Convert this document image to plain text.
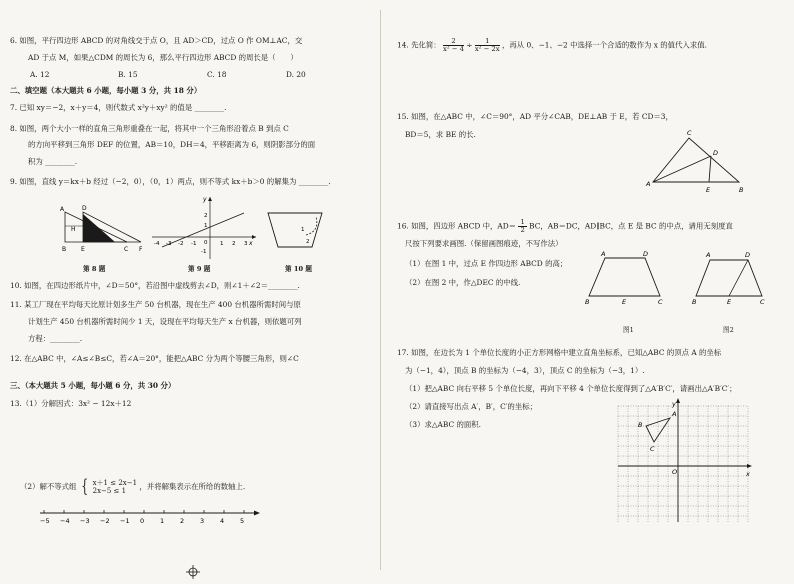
6. 如图，平行四边形 ABCD 的对角线交于点 O，且 AD＞CD，过点 O 作 OM⊥AC，交
AD 于点 M，如果△CDM 的周长为 6，那么平行四边形 ABCD 的周长是（　　）
A. 12	B. 15	C. 18	D. 20
二、填空题（本大题共 6 小题，每小题 3 分，共 18 分）
7. 已知 xy＝−2，x＋y＝4，则代数式 x²y＋xy² 的值是 ________.
8. 如图，两个大小一样的直角三角形重叠在一起，将其中一个三角形沿着点 B 到点 C
的方向平移到三角形 DEF 的位置，AB＝10，DH＝4，平移距离为 6，则阴影部分的面
积为 ________.
9. 如图，直线 y＝kx＋b 经过（−2，0），（0，1）两点，则不等式 kx＋b＞0 的解集为 ________.
A	D
H
B E	C F
第 8 题
x
y
0
-4 -3 -2 -1	1 2 3
-1
1
2
第 9 题
1
2
第 10 题
10. 如图，在四边形纸片中，∠D＝50°，若沿图中虚线剪去∠D，则∠1＋∠2＝________.
11. 某工厂现在平均每天比原计划多生产 50 台机器，现在生产 400 台机器所需时间与原
计划生产 450 台机器所需时间少 1 天，设现在平均每天生产 x 台机器，则依题可列
方程：________.
12. 在△ABC 中，∠A≤∠B≤C，若∠A＝20°，能把△ABC 分为两个等腰三角形，则∠C
三、（本大题共 5 小题，每小题 6 分，共 30 分）
13.（1）分解因式：3x² − 12x＋12
（2）解不等式组 { x＋1 ≤ 2x−1
2x−5 ≤ 1	，并将解集表示在所给的数轴上.
−5 −4 −3 −2 −1 0 1 2 3 4 5
14. 先化简： $\frac{2}{\text{x² − 4}} \div \frac{1}{\text{x² − 2x}}$ ，再从 0、−1、−2 中选择一个合适的数作为 x 的值代入求值.
15. 如图，在△ABC 中，∠C＝90°，AD 平分∠CAB，DE⊥AB 于 E，若 CD＝3，
BD＝5，求 BE 的长.	C
D
A
E	B
16. 如图，四边形 ABCD 中，$AD= \frac{1}{2}$ BC，AB＝DC，AD∥BC，点 E 是 BC 的中点，请用无刻度直
尺按下列要求画图.（保留画图痕迹，不写作法）
（1）在图 1 中，过点 E 作四边形 ABCD 的高；
（2）在图 2 中，作△DEC 的中线.
A	D
B	E	C
图1
A	D
B	E	C
图2
17. 如图，在边长为 1 个单位长度的小正方形网格中建立直角坐标系，已知△ABC 的顶点 A 的坐标
为（−1，4），顶点 B 的坐标为（−4，3），顶点 C 的坐标为（−3，1）.
（1）把△ABC 向右平移 5 个单位长度，再向下平移 4 个单位长度得到了△A′B′C′，请画出△A′B′C′；
（2）请直接写出点 A′，B′，C′的坐标；
（3）求△ABC 的面积.
y
x
O
A
B
C
